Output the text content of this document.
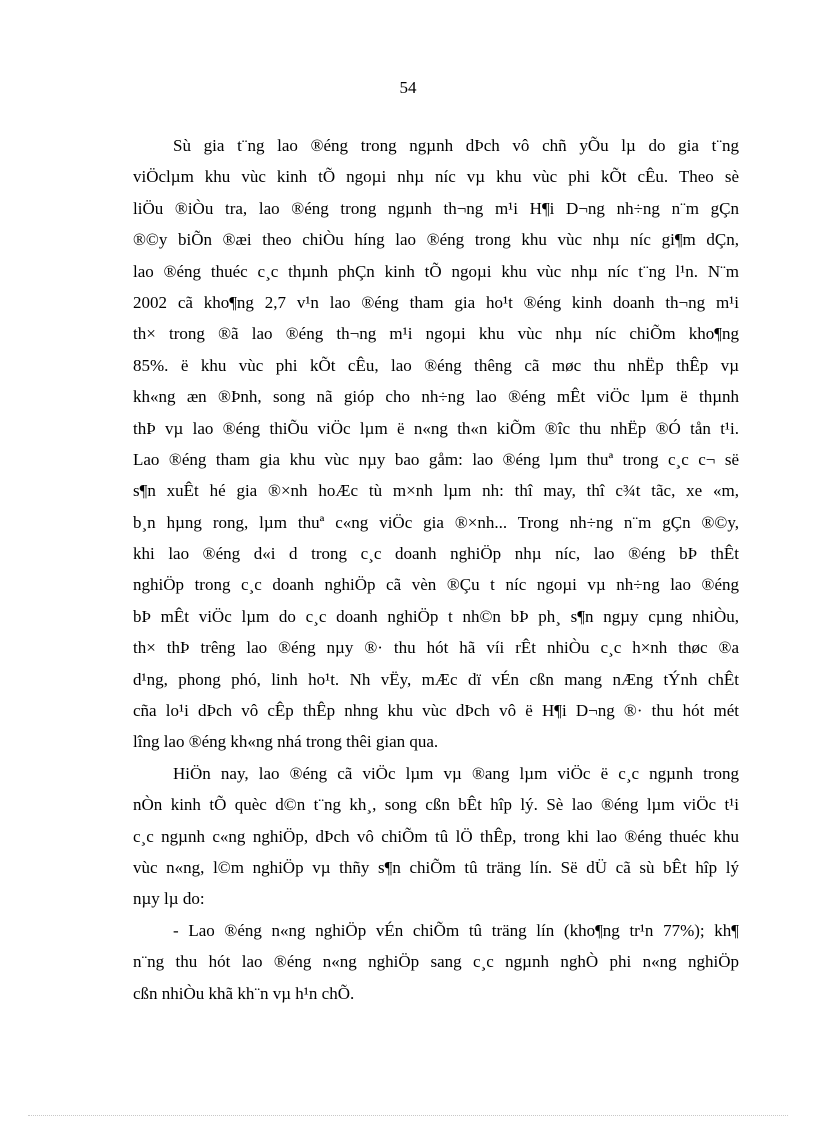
54

Sù gia t¨ng lao ®éng trong ngµnh dÞch vô chñ yÕu lµ do gia t¨ng
viÖclµm khu vùc kinh tÕ ngoµi nhµ níc vµ khu vùc phi kÕt cÊu. Theo sè
liÖu ®iÒu tra, lao ®éng trong ngµnh th¬ng m¹i H¶i D¬ng nh÷ng n¨m gÇn
®©y biÕn ®æi theo chiÒu híng lao ®éng trong khu vùc nhµ níc gi¶m dÇn,
lao ®éng thuéc c¸c thµnh phÇn kinh tÕ ngoµi khu vùc nhµ níc t¨ng l¹n. N¨m
2002 cã kho¶ng 2,7 v¹n lao ®éng tham gia ho¹t ®éng kinh doanh th¬ng m¹i
th× trong ®ã lao ®éng th¬ng m¹i ngoµi khu vùc nhµ níc chiÕm kho¶ng
85%. ë khu vùc phi kÕt cÊu, lao ®éng thêng cã møc thu nhËp thÊp vµ
kh«ng æn ®Þnh, song nã gióp cho nh÷ng lao ®éng mÊt viÖc lµm ë thµnh
thÞ vµ lao ®éng thiÕu viÖc lµm ë n«ng th«n kiÕm ®îc thu nhËp ®Ó tån t¹i.
Lao ®éng tham gia khu vùc nµy bao gåm: lao ®éng lµm thuª trong c¸c c¬ së
s¶n xuÊt hé gia ®×nh hoÆc tù m×nh lµm nh: thî may, thî c¾t tãc, xe «m,
b¸n hµng rong, lµm thuª c«ng viÖc gia ®×nh... Trong nh÷ng n¨m gÇn ®©y,
khi lao ®éng d«i d trong c¸c doanh nghiÖp nhµ níc, lao ®éng bÞ thÊt
nghiÖp trong c¸c doanh nghiÖp cã vèn ®Çu t níc ngoµi vµ nh÷ng lao ®éng
bÞ mÊt viÖc lµm do c¸c doanh nghiÖp t nh©n bÞ ph¸ s¶n ngµy cµng nhiÒu,
th× thÞ trêng lao ®éng nµy ®· thu hót hã víi rÊt nhiÒu c¸c h×nh thøc ®a
d¹ng, phong phó, linh ho¹t. Nh vËy, mÆc dï vÉn cßn mang nÆng tÝnh chÊt
cña lo¹i dÞch vô cÊp thÊp nhng khu vùc dÞch vô ë H¶i D¬ng ®· thu hót mét
lîng lao ®éng kh«ng nhá trong thêi gian qua.

HiÖn nay, lao ®éng cã viÖc lµm vµ ®ang lµm viÖc ë c¸c ngµnh trong
nÒn kinh tÕ quèc d©n t¨ng kh¸, song cßn bÊt hîp lý. Sè lao ®éng lµm viÖc t¹i
c¸c ngµnh c«ng nghiÖp, dÞch vô chiÕm tû lÖ thÊp, trong khi lao ®éng thuéc khu
vùc n«ng, l©m nghiÖp vµ thñy s¶n chiÕm tû träng lín. Së dÜ cã sù bÊt hîp lý
nµy lµ do:

- Lao ®éng n«ng nghiÖp vÉn chiÕm tû träng lín (kho¶ng tr¹n 77%); kh¶
n¨ng thu hót lao ®éng n«ng nghiÖp sang c¸c ngµnh nghÒ phi n«ng nghiÖp
cßn nhiÒu khã kh¨n vµ h¹n chÕ.
